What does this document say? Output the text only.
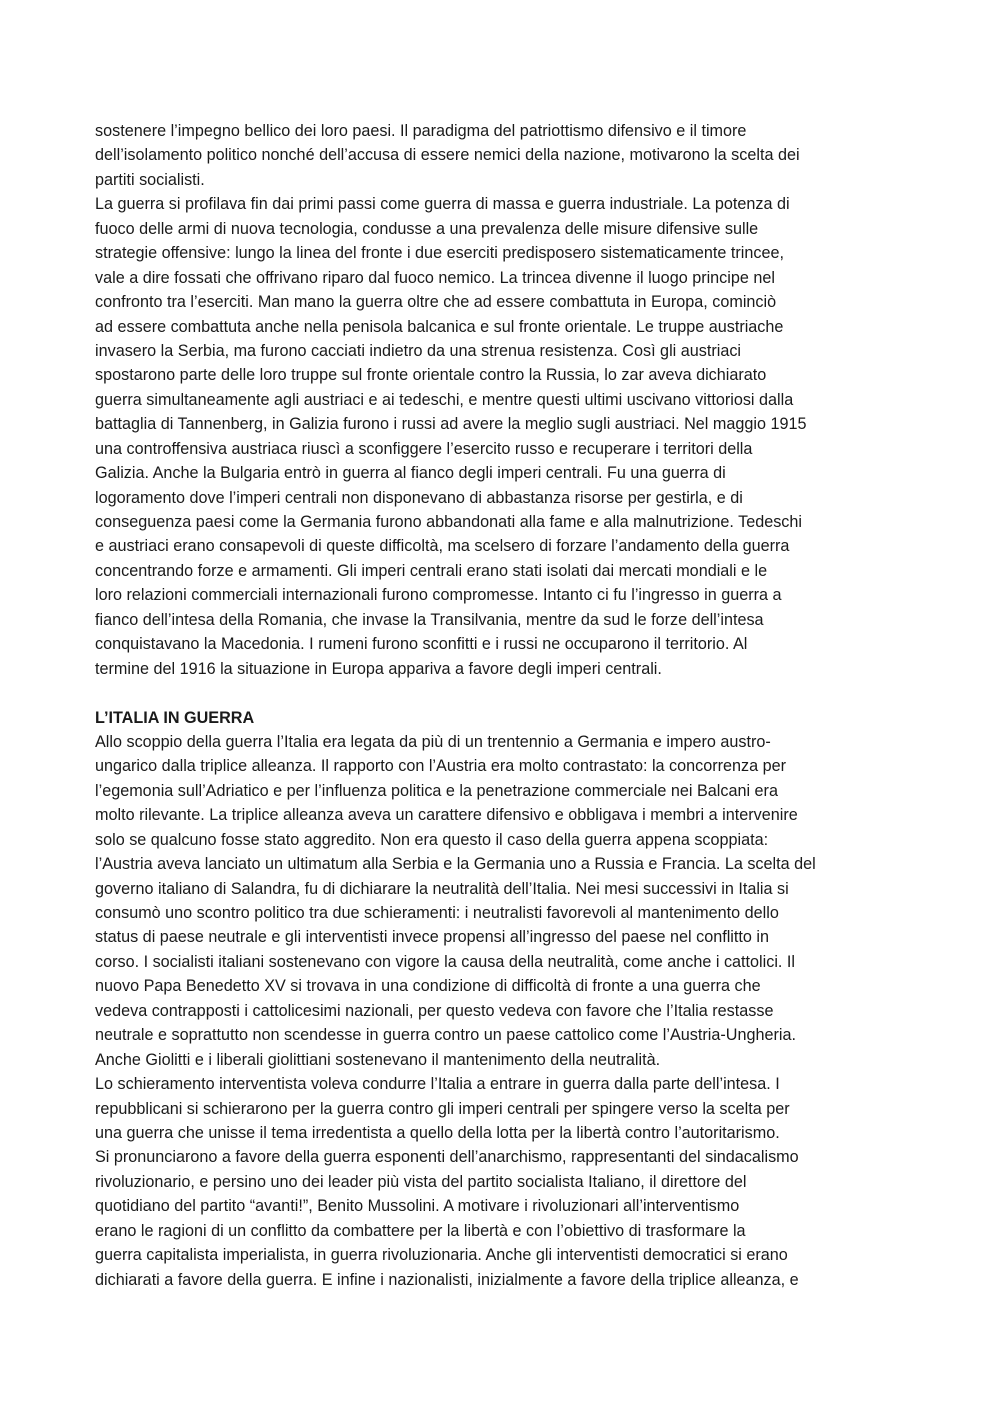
sostenere l’impegno bellico dei loro paesi. Il paradigma del patriottismo difensivo e il timore
dell’isolamento politico nonché dell’accusa di essere nemici della nazione, motivarono la scelta dei
partiti socialisti.
La guerra si profilava fin dai primi passi come guerra di massa e guerra industriale. La potenza di
fuoco delle armi di nuova tecnologia, condusse a una prevalenza delle misure difensive sulle
strategie offensive: lungo la linea del fronte i due eserciti predisposero sistematicamente trincee,
vale a dire fossati che offrivano riparo dal fuoco nemico. La trincea divenne il luogo principe nel
confronto tra l’eserciti. Man mano la guerra oltre che ad essere combattuta in Europa, cominciò
ad essere combattuta anche nella penisola balcanica e sul fronte orientale. Le truppe austriache
invasero la Serbia, ma furono cacciati indietro da una strenua resistenza. Così gli austriaci
spostarono parte delle loro truppe sul fronte orientale contro la Russia, lo zar aveva dichiarato
guerra simultaneamente agli austriaci e ai tedeschi, e mentre questi ultimi uscivano vittoriosi dalla
battaglia di Tannenberg, in Galizia furono i russi ad avere la meglio sugli austriaci. Nel maggio 1915
una controffensiva austriaca riuscì a sconfiggere l’esercito russo e recuperare i territori della
Galizia. Anche la Bulgaria entrò in guerra al fianco degli imperi centrali. Fu una guerra di
logoramento dove l’imperi centrali non disponevano di abbastanza risorse per gestirla, e di
conseguenza paesi come la Germania furono abbandonati alla fame e alla malnutrizione. Tedeschi
e austriaci erano consapevoli di queste difficoltà, ma scelsero di forzare l’andamento della guerra
concentrando forze e armamenti. Gli imperi centrali erano stati isolati dai mercati mondiali e le
loro relazioni commerciali internazionali furono compromesse. Intanto ci fu l’ingresso in guerra a
fianco dell’intesa della Romania, che invase la Transilvania, mentre da sud le forze dell’intesa
conquistavano la Macedonia. I rumeni furono sconfitti e i russi ne occuparono il territorio. Al
termine del 1916 la situazione in Europa appariva a favore degli imperi centrali.
L’ITALIA IN GUERRA
Allo scoppio della guerra l’Italia era legata da più di un trentennio a Germania e impero austro-
ungarico dalla triplice alleanza. Il rapporto con l’Austria era molto contrastato: la concorrenza per
l’egemonia sull’Adriatico e per l’influenza politica e la penetrazione commerciale nei Balcani era
molto rilevante. La triplice alleanza aveva un carattere difensivo e obbligava i membri a intervenire
solo se qualcuno fosse stato aggredito. Non era questo il caso della guerra appena scoppiata:
l’Austria aveva lanciato un ultimatum alla Serbia e la Germania uno a Russia e Francia. La scelta del
governo italiano di Salandra, fu di dichiarare la neutralità dell’Italia. Nei mesi successivi in Italia si
consumò uno scontro politico tra due schieramenti: i neutralisti favorevoli al mantenimento dello
status di paese neutrale e gli interventisti invece propensi all’ingresso del paese nel conflitto in
corso. I socialisti italiani sostenevano con vigore la causa della neutralità, come anche i cattolici. Il
nuovo Papa Benedetto XV si trovava in una condizione di difficoltà di fronte a una guerra che
vedeva contrapposti i cattolicesimi nazionali, per questo vedeva con favore che l’Italia restasse
neutrale e soprattutto non scendesse in guerra contro un paese cattolico come l’Austria-Ungheria.
Anche Giolitti e i liberali giolittiani sostenevano il mantenimento della neutralità.
Lo schieramento interventista voleva condurre l’Italia a entrare in guerra dalla parte dell’intesa. I
repubblicani si schierarono per la guerra contro gli imperi centrali per spingere verso la scelta per
una guerra che unisse il tema irredentista a quello della lotta per la libertà contro l’autoritarismo.
Si pronunciarono a favore della guerra esponenti dell’anarchismo, rappresentanti del sindacalismo
rivoluzionario, e persino uno dei leader più vista del partito socialista Italiano, il direttore del
quotidiano del partito “avanti!”, Benito Mussolini. A motivare i rivoluzionari all’interventismo
erano le ragioni di un conflitto da combattere per la libertà e con l’obiettivo di trasformare la
guerra capitalista imperialista, in guerra rivoluzionaria. Anche gli interventisti democratici si erano
dichiarati a favore della guerra. E infine i nazionalisti, inizialmente a favore della triplice alleanza, e
